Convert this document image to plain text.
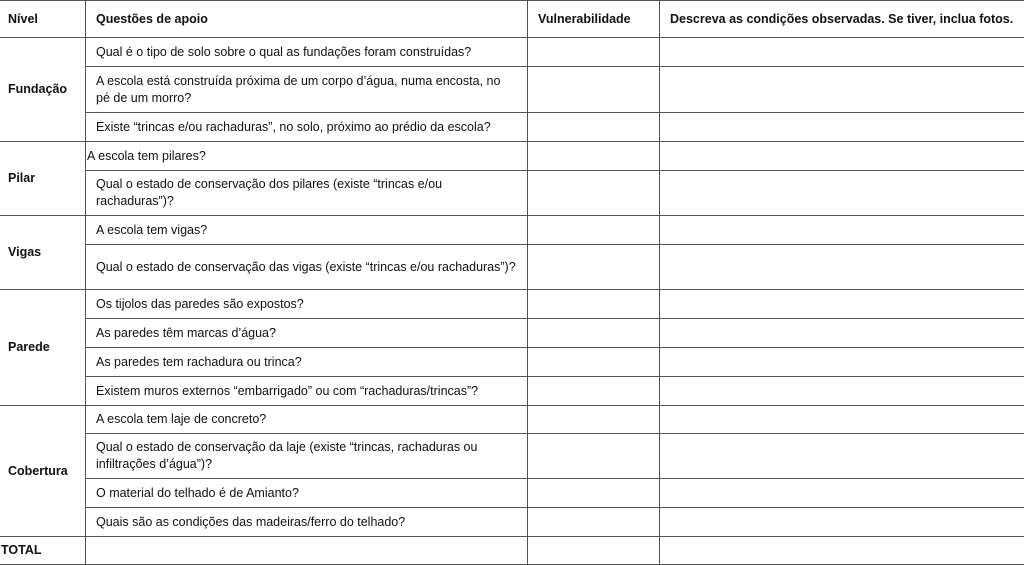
Nível	Questões de apoio	Vulnerabilidade	Descreva as condições observadas. Se tiver, inclua fotos.
Fundação	Qual é o tipo de solo sobre o qual as fundações foram construídas?		
	A escola está construída próxima de um corpo d’água, numa encosta, no pé de um morro?		
	Existe “trincas e/ou rachaduras”, no solo, próximo ao prédio da escola?		
Pilar	A escola tem pilares?		
	Qual o estado de conservação dos pilares (existe “trincas e/ou rachaduras”)?		
Vigas	A escola tem vigas?		
	Qual o estado de conservação das vigas (existe “trincas e/ou rachaduras”)?		
Parede	Os tijolos das paredes são expostos?		
	As paredes têm marcas d’água?		
	As paredes tem rachadura ou trinca?		
	Existem muros externos “embarrigado” ou com “rachaduras/trincas”?		
Cobertura	A escola tem laje de concreto?		
	Qual o estado de conservação da laje (existe “trincas, rachaduras ou infiltrações d’água”)?		
	O material do telhado é de Amianto?		
	Quais são as condições das madeiras/ferro do telhado?		
TOTAL			
